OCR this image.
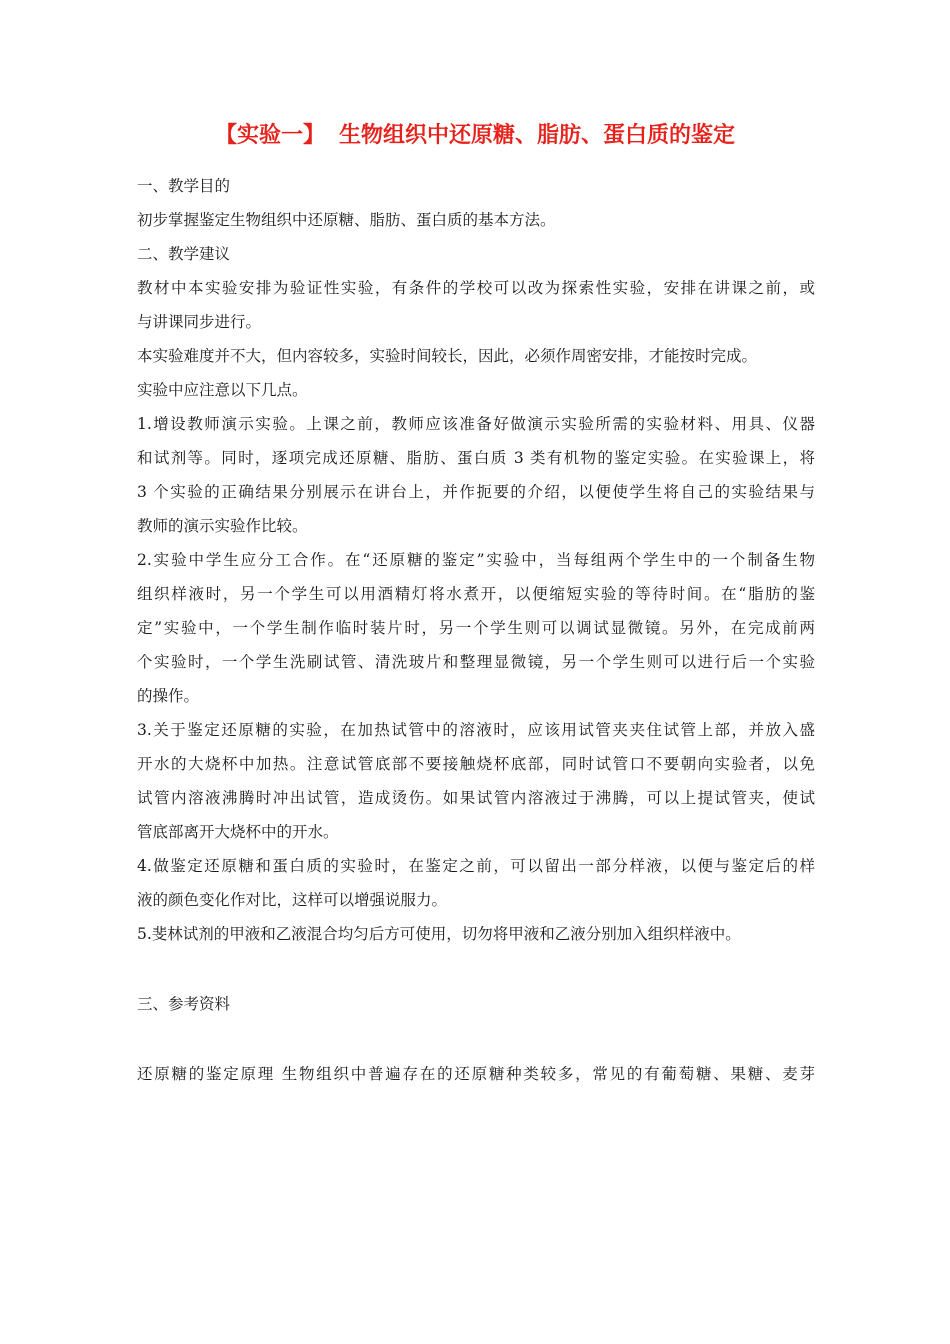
【实验一】 生物组织中还原糖、脂肪、蛋白质的鉴定
一、教学目的
初步掌握鉴定生物组织中还原糖、脂肪、蛋白质的基本方法。
二、教学建议
教材中本实验安排为验证性实验，有条件的学校可以改为探索性实验，安排在讲课之前，或
与讲课同步进行。
本实验难度并不大，但内容较多，实验时间较长，因此，必须作周密安排，才能按时完成。
实验中应注意以下几点。
1.增设教师演示实验。上课之前，教师应该准备好做演示实验所需的实验材料、用具、仪器
和试剂等。同时，逐项完成还原糖、脂肪、蛋白质 3 类有机物的鉴定实验。在实验课上，将
3 个实验的正确结果分别展示在讲台上，并作扼要的介绍，以便使学生将自己的实验结果与
教师的演示实验作比较。
2.实验中学生应分工合作。在“还原糖的鉴定”实验中，当每组两个学生中的一个制备生物
组织样液时，另一个学生可以用酒精灯将水煮开，以便缩短实验的等待时间。在“脂肪的鉴
定”实验中，一个学生制作临时装片时，另一个学生则可以调试显微镜。另外，在完成前两
个实验时，一个学生洗刷试管、清洗玻片和整理显微镜，另一个学生则可以进行后一个实验
的操作。
3.关于鉴定还原糖的实验，在加热试管中的溶液时，应该用试管夹夹住试管上部，并放入盛
开水的大烧杯中加热。注意试管底部不要接触烧杯底部，同时试管口不要朝向实验者，以免
试管内溶液沸腾时冲出试管，造成烫伤。如果试管内溶液过于沸腾，可以上提试管夹，使试
管底部离开大烧杯中的开水。
4.做鉴定还原糖和蛋白质的实验时，在鉴定之前，可以留出一部分样液，以便与鉴定后的样
液的颜色变化作对比，这样可以增强说服力。
5.斐林试剂的甲液和乙液混合均匀后方可使用，切勿将甲液和乙液分别加入组织样液中。
三、参考资料
还原糖的鉴定原理 生物组织中普遍存在的还原糖种类较多，常见的有葡萄糖、果糖、麦芽
